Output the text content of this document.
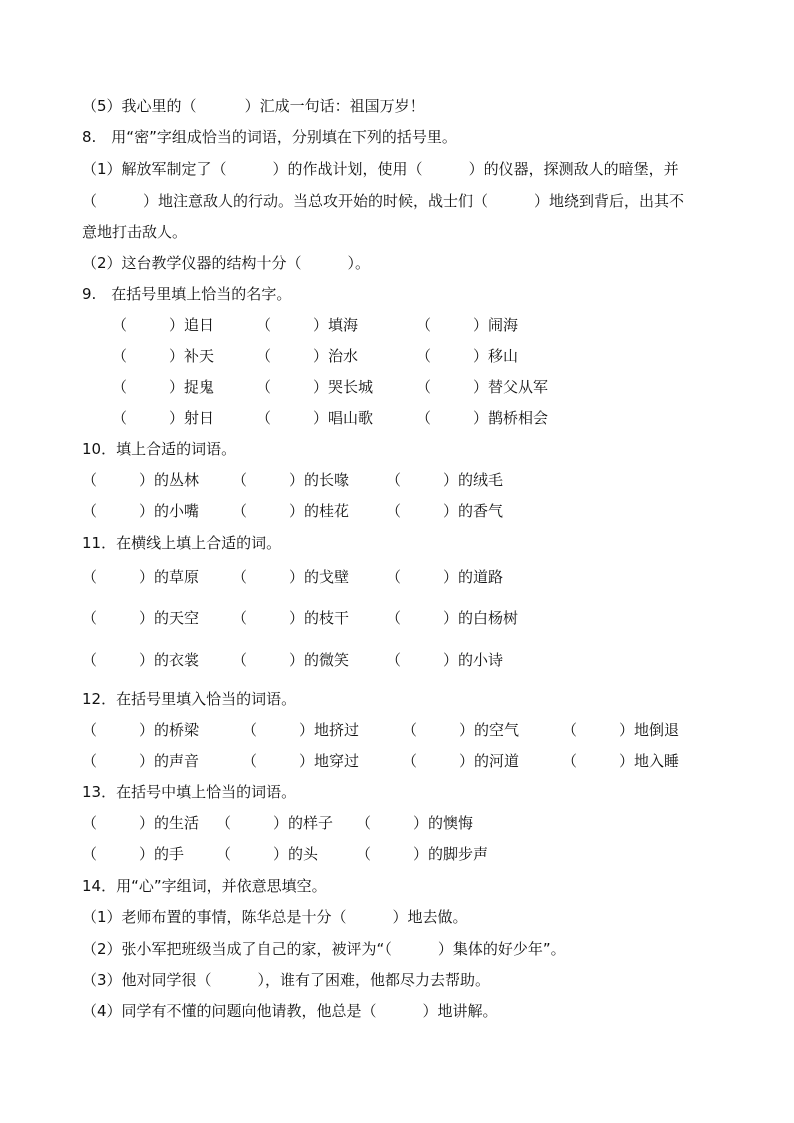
（5）我心里的（	）汇成一句话：祖国万岁！
8.　用“密”字组成恰当的词语，分别填在下列的括号里。
（1）解放军制定了（	）的作战计划，使用（	）的仪器，探测敌人的暗堡，并
（	）地注意敌人的行动。当总攻开始的时候，战士们（	）地绕到背后，出其不
意地打击敌人。
（2）这台教学仪器的结构十分（	）。
9.　在括号里填上恰当的名字。
（	）追日	（	）填海	（	）闹海
（	）补天	（	）治水	（	）移山
（	）捉鬼	（	）哭长城	（	）替父从军
（	）射日	（	）唱山歌	（	）鹊桥相会
10．填上合适的词语。
（	）的丛林 （	）的长喙 （	）的绒毛
（	）的小嘴 （	）的桂花 （	）的香气
11．在横线上填上合适的词。
（	）的草原 （	）的戈壁 （	）的道路
（	）的天空 （	）的枝干 （	）的白杨树
（	）的衣裳 （	）的微笑 （	）的小诗
12．在括号里填入恰当的词语。
（	）的桥梁	（	）地挤过	（	）的空气	（	）地倒退
（	）的声音	（	）地穿过	（	）的河道	（	）地入睡
13．在括号中填上恰当的词语。
（	）的生活 （	）的样子 （	）的懊悔
（	）的手 （	）的头	（	）的脚步声
14．用“心”字组词，并依意思填空。
（1）老师布置的事情，陈华总是十分（	）地去做。
（2）张小军把班级当成了自己的家，被评为“（	）集体的好少年”。
（3）他对同学很（	），谁有了困难，他都尽力去帮助。
（4）同学有不懂的问题向他请教，他总是（	）地讲解。
